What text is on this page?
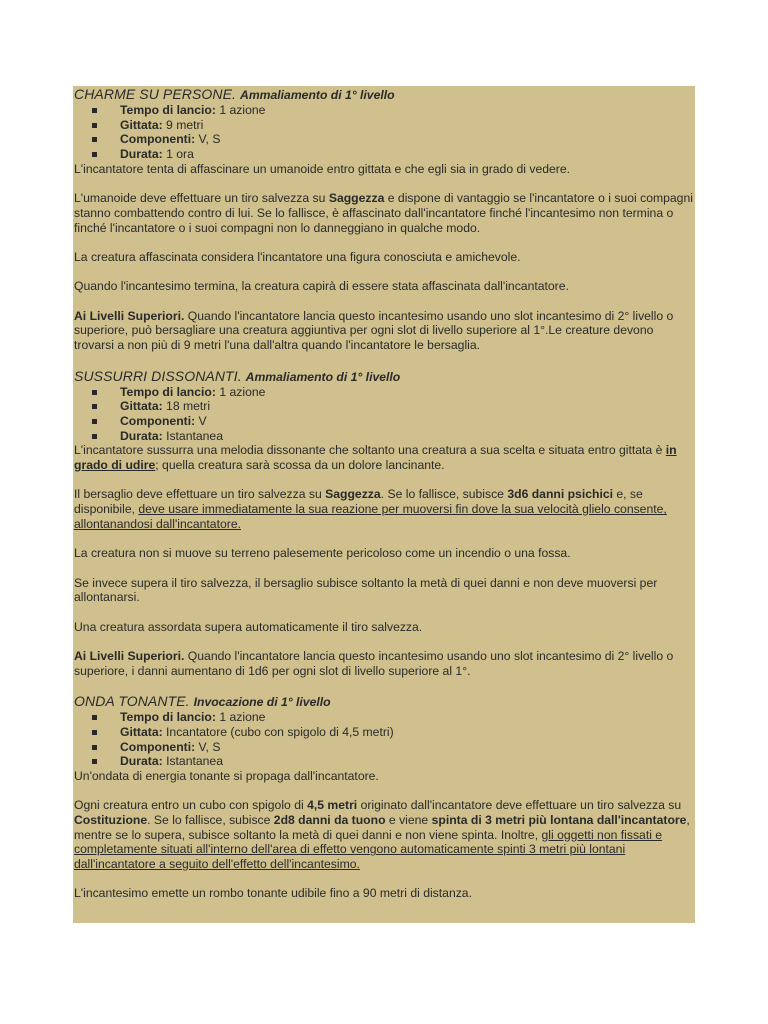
CHARME SU PERSONE. Ammaliamento di 1° livello
Tempo di lancio: 1 azione
Gittata: 9 metri
Componenti: V, S
Durata: 1 ora

L'incantatore tenta di affascinare un umanoide entro gittata e che egli sia in grado di vedere.

L'umanoide deve effettuare un tiro salvezza su Saggezza e dispone di vantaggio se l'incantatore o i suoi compagni stanno combattendo contro di lui. Se lo fallisce, è affascinato dall'incantatore finché l'incantesimo non termina o finché l'incantatore o i suoi compagni non lo danneggiano in qualche modo.

La creatura affascinata considera l'incantatore una figura conosciuta e amichevole.

Quando l'incantesimo termina, la creatura capirà di essere stata affascinata dall'incantatore.

Ai Livelli Superiori. Quando l'incantatore lancia questo incantesimo usando uno slot incantesimo di 2° livello o superiore, può bersagliare una creatura aggiuntiva per ogni slot di livello superiore al 1°.Le creature devono trovarsi a non più di 9 metri l'una dall'altra quando l'incantatore le bersaglia.

SUSSURRI DISSONANTI. Ammaliamento di 1° livello
Tempo di lancio: 1 azione
Gittata: 18 metri
Componenti: V
Durata: Istantanea

L'incantatore sussurra una melodia dissonante che soltanto una creatura a sua scelta e situata entro gittata è in grado di udire; quella creatura sarà scossa da un dolore lancinante.

Il bersaglio deve effettuare un tiro salvezza su Saggezza. Se lo fallisce, subisce 3d6 danni psichici e, se disponibile, deve usare immediatamente la sua reazione per muoversi fin dove la sua velocità glielo consente, allontanandosi dall'incantatore.

La creatura non si muove su terreno palesemente pericoloso come un incendio o una fossa.

Se invece supera il tiro salvezza, il bersaglio subisce soltanto la metà di quei danni e non deve muoversi per allontanarsi.

Una creatura assordata supera automaticamente il tiro salvezza.

Ai Livelli Superiori. Quando l'incantatore lancia questo incantesimo usando uno slot incantesimo di 2° livello o superiore, i danni aumentano di 1d6 per ogni slot di livello superiore al 1°.

ONDA TONANTE. Invocazione di 1° livello
Tempo di lancio: 1 azione
Gittata: Incantatore (cubo con spigolo di 4,5 metri)
Componenti: V, S
Durata: Istantanea

Un'ondata di energia tonante si propaga dall'incantatore.

Ogni creatura entro un cubo con spigolo di 4,5 metri originato dall'incantatore deve effettuare un tiro salvezza su Costituzione. Se lo fallisce, subisce 2d8 danni da tuono e viene spinta di 3 metri più lontana dall'incantatore, mentre se lo supera, subisce soltanto la metà di quei danni e non viene spinta. Inoltre, gli oggetti non fissati e completamente situati all'interno dell'area di effetto vengono automaticamente spinti 3 metri più lontani dall'incantatore a seguito dell'effetto dell'incantesimo.

L'incantesimo emette un rombo tonante udibile fino a 90 metri di distanza.
